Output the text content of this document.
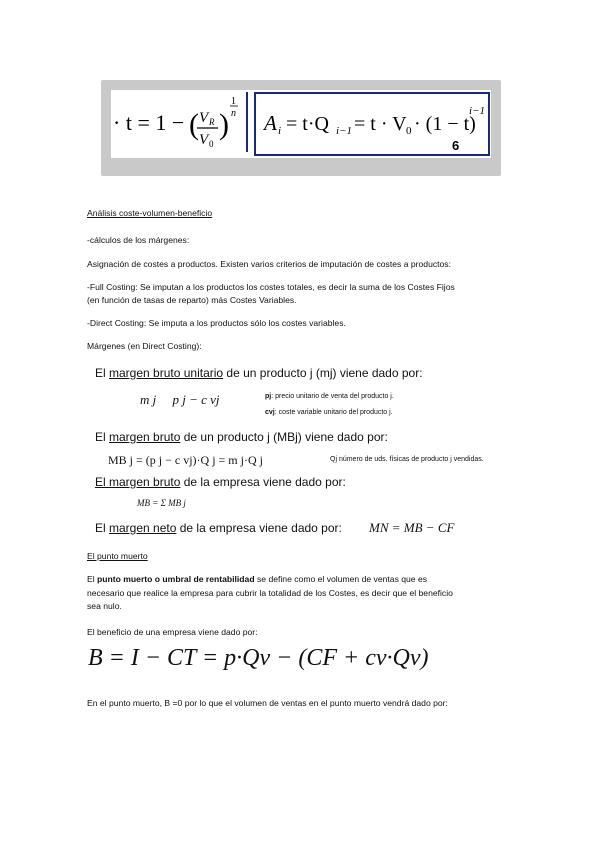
· t = 1 − ( V R
V 0
)
1
n A i = t·Q i−1 = t · V 0 · (1 − t)
i−1
6
Análisis coste-volumen-beneficio
-cálculos de los márgenes:
Asignación de costes a productos. Existen varios criterios de imputación de costes a productos:
-Full Costing: Se imputan a los productos los costes totales, es decir la suma de los Costes Fijos
(en función de tasas de reparto) más Costes Variables.
-Direct Costing: Se imputa a los productos sólo los costes variables.
Márgenes (en Direct Costing):
El margen bruto unitario de un producto j (mj) viene dado por:
m j     p j − c vj	pj: precio unitario de venta del producto j.
cvj: coste variable unitario del producto j.
El margen bruto de un producto j (MBj) viene dado por:
MB j = (p j − c vj)·Q j = m j·Q j	Qj número de uds. físicas de producto j vendidas.
El margen bruto de la empresa viene dado por:
MB = Σ MB j
El margen neto de la empresa viene dado por: MN = MB − CF
El punto muerto
El punto muerto o umbral de rentabilidad se define como el volumen de ventas que es
necesario que realice la empresa para cubrir la totalidad de los Costes, es decir que el beneficio
sea nulo.
El beneficio de una empresa viene dado por:
B = I − CT = p·Qv − (CF + cv·Qv)
En el punto muerto, B =0 por lo que el volumen de ventas en el punto muerto vendrá dado por:
